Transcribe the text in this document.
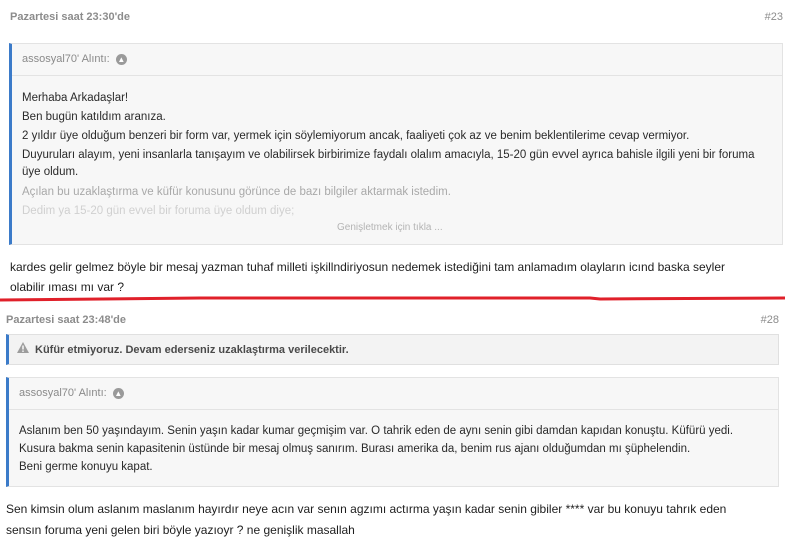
Pazartesi saat 23:30'de	#23
assosyal70' Alıntı: ▲
Merhaba Arkadaşlar!
Ben bugün katıldım aranıza.
2 yıldır üye olduğum benzeri bir form var, yermek için söylemiyorum ancak, faaliyeti çok az ve benim beklentilerime cevap vermiyor.
Duyuruları alayım, yeni insanlarla tanışayım ve olabilirsek birbirimize faydalı olalım amacıyla, 15-20 gün evvel ayrıca bahisle ilgili yeni bir foruma
üye oldum.
Açılan bu uzaklaştırma ve küfür konusunu görünce de bazı bilgiler aktarmak istedim.
Dedim ya 15-20 gün evvel bir foruma üye oldum diye;
Genişletmek için tıkla ...
kardes gelir gelmez böyle bir mesaj yazman tuhaf milleti işkillndiriyosun nedemek istediğini tam anlamadım olayların icınd baska seyler
olabilir ıması mı var ?
Pazartesi saat 23:48'de	#28
Küfür etmiyoruz. Devam ederseniz uzaklaştırma verilecektir.
assosyal70' Alıntı: ▲
Aslanım ben 50 yaşındayım. Senin yaşın kadar kumar geçmişim var. O tahrik eden de aynı senin gibi damdan kapıdan konuştu. Küfürü yedi.
Kusura bakma senin kapasitenin üstünde bir mesaj olmuş sanırım. Burası amerika da, benim rus ajanı olduğumdan mı şüphelendin.
Beni germe konuyu kapat.
Sen kimsin olum aslanım maslanım hayırdır neye acın var senın agzımı actırma yaşın kadar senin gibiler **** var bu konuyu tahrık eden
sensın foruma yeni gelen biri böyle yazıoyr ? ne genişlik masallah
